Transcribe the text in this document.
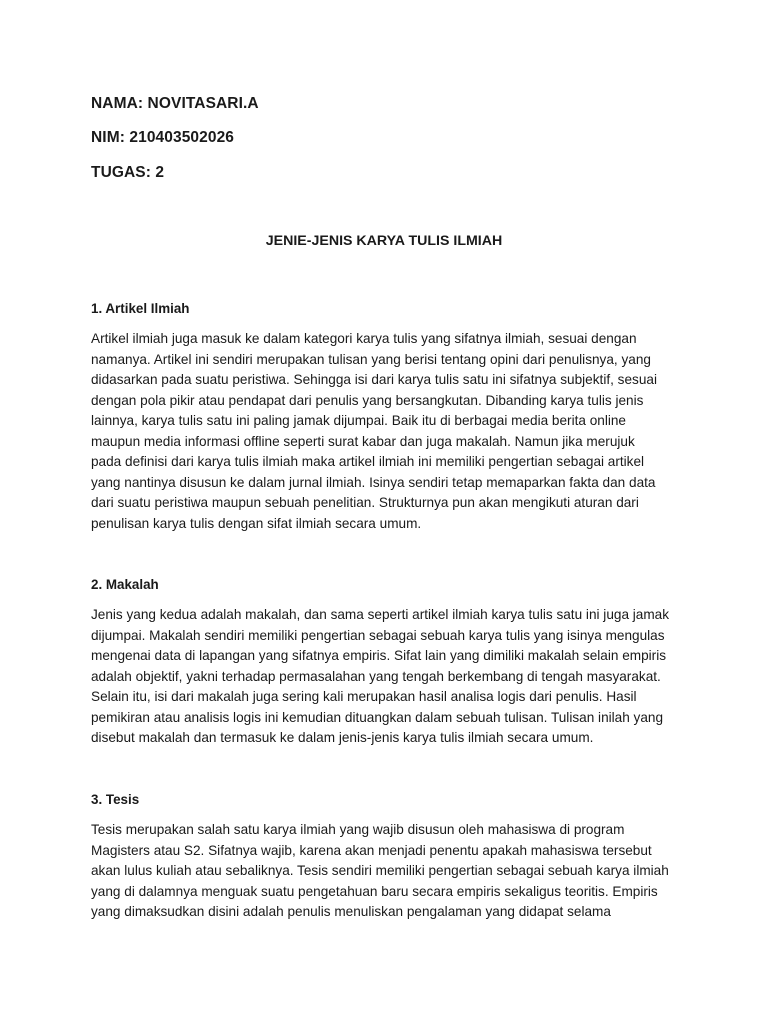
NAMA: NOVITASARI.A
NIM: 210403502026
TUGAS: 2
JENIE-JENIS KARYA TULIS ILMIAH

1. Artikel Ilmiah

Artikel ilmiah juga masuk ke dalam kategori karya tulis yang sifatnya ilmiah, sesuai dengan
namanya. Artikel ini sendiri merupakan tulisan yang berisi tentang opini dari penulisnya, yang
didasarkan pada suatu peristiwa. Sehingga isi dari karya tulis satu ini sifatnya subjektif, sesuai
dengan pola pikir atau pendapat dari penulis yang bersangkutan. Dibanding karya tulis jenis
lainnya, karya tulis satu ini paling jamak dijumpai. Baik itu di berbagai media berita online
maupun media informasi offline seperti surat kabar dan juga makalah. Namun jika merujuk
pada definisi dari karya tulis ilmiah maka artikel ilmiah ini memiliki pengertian sebagai artikel
yang nantinya disusun ke dalam jurnal ilmiah. Isinya sendiri tetap memaparkan fakta dan data
dari suatu peristiwa maupun sebuah penelitian. Strukturnya pun akan mengikuti aturan dari
penulisan karya tulis dengan sifat ilmiah secara umum.

2. Makalah

Jenis yang kedua adalah makalah, dan sama seperti artikel ilmiah karya tulis satu ini juga jamak
dijumpai. Makalah sendiri memiliki pengertian sebagai sebuah karya tulis yang isinya mengulas
mengenai data di lapangan yang sifatnya empiris. Sifat lain yang dimiliki makalah selain empiris
adalah objektif, yakni terhadap permasalahan yang tengah berkembang di tengah masyarakat.
Selain itu, isi dari makalah juga sering kali merupakan hasil analisa logis dari penulis. Hasil
pemikiran atau analisis logis ini kemudian dituangkan dalam sebuah tulisan. Tulisan inilah yang
disebut makalah dan termasuk ke dalam jenis-jenis karya tulis ilmiah secara umum.

3. Tesis

Tesis merupakan salah satu karya ilmiah yang wajib disusun oleh mahasiswa di program
Magisters atau S2. Sifatnya wajib, karena akan menjadi penentu apakah mahasiswa tersebut
akan lulus kuliah atau sebaliknya. Tesis sendiri memiliki pengertian sebagai sebuah karya ilmiah
yang di dalamnya menguak suatu pengetahuan baru secara empiris sekaligus teoritis. Empiris
yang dimaksudkan disini adalah penulis menuliskan pengalaman yang didapat selama
